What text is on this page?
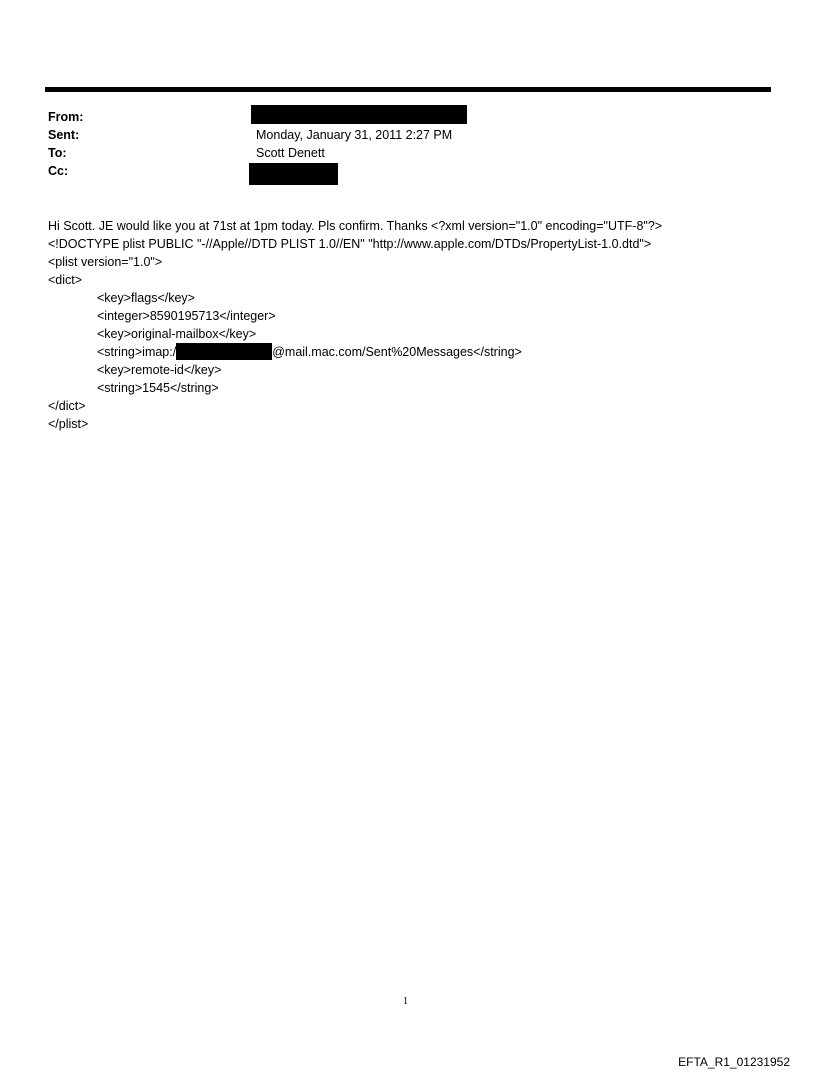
From:
Sent:	Monday, January 31, 2011 2:27 PM
To:	Scott Denett
Cc:
Hi Scott. JE would like you at 71st at 1pm today. Pls confirm. Thanks <?xml version="1.0" encoding="UTF-8"?>
<!DOCTYPE plist PUBLIC "-//Apple//DTD PLIST 1.0//EN" "http://www.apple.com/DTDs/PropertyList-1.0.dtd">
<plist version="1.0">
<dict>
<key>flags</key>
<integer>8590195713</integer>
<key>original-mailbox</key>
<string>imap:/	@mail.mac.com/Sent%20Messages</string>
<key>remote-id</key>
<string>1545</string>
</dict>
</plist>
1
EFTA_R1_01231952
